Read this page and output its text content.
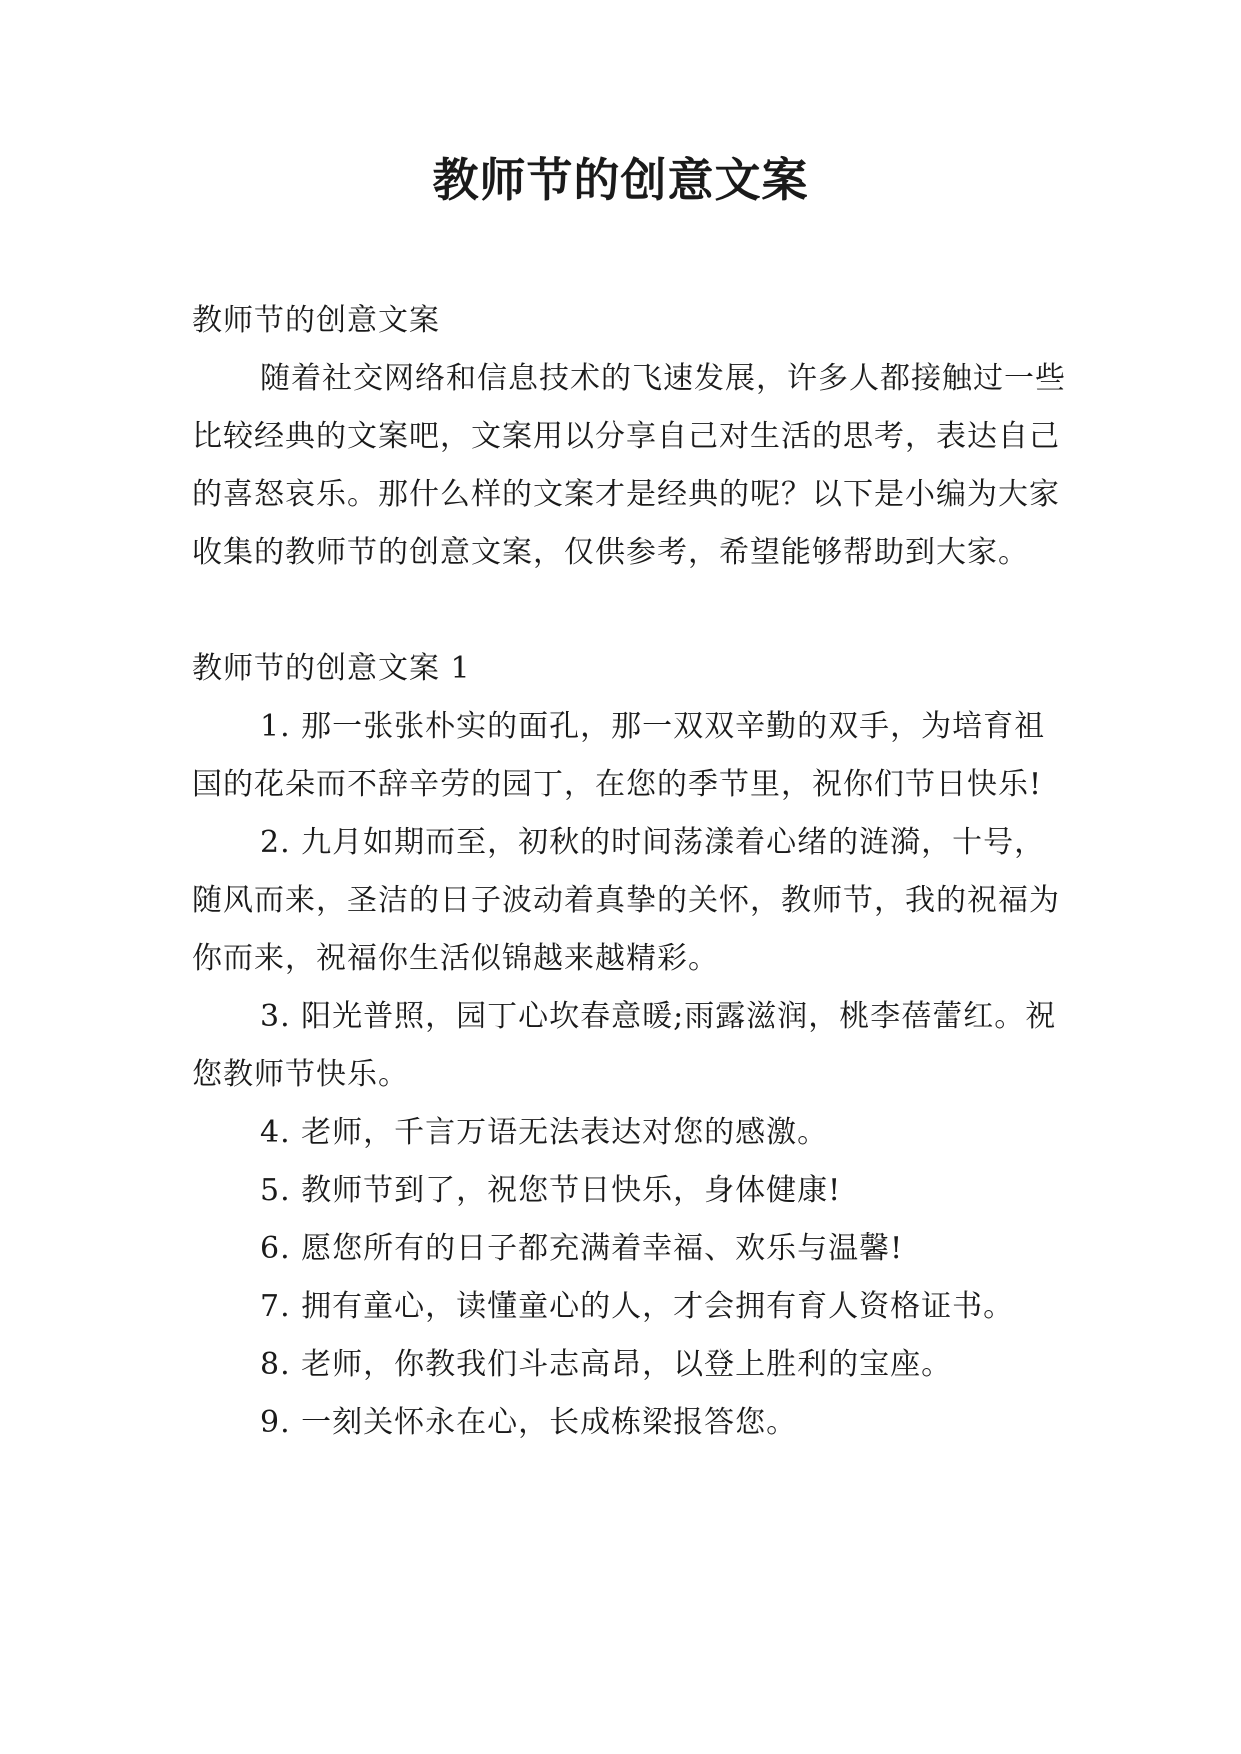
教师节的创意文案

教师节的创意文案

随着社交网络和信息技术的飞速发展，许多人都接触过一些比较经典的文案吧，文案用以分享自己对生活的思考，表达自己的喜怒哀乐。那什么样的文案才是经典的呢？以下是小编为大家收集的教师节的创意文案，仅供参考，希望能够帮助到大家。

教师节的创意文案 1

1. 那一张张朴实的面孔，那一双双辛勤的双手，为培育祖国的花朵而不辞辛劳的园丁，在您的季节里，祝你们节日快乐!

2. 九月如期而至，初秋的时间荡漾着心绪的涟漪，十号，随风而来，圣洁的日子波动着真挚的关怀，教师节，我的祝福为你而来，祝福你生活似锦越来越精彩。

3. 阳光普照，园丁心坎春意暖;雨露滋润，桃李蓓蕾红。祝您教师节快乐。

4. 老师，千言万语无法表达对您的感激。

5. 教师节到了，祝您节日快乐，身体健康!

6. 愿您所有的日子都充满着幸福、欢乐与温馨!

7. 拥有童心，读懂童心的人，才会拥有育人资格证书。

8. 老师，你教我们斗志高昂，以登上胜利的宝座。

9. 一刻关怀永在心，长成栋梁报答您。
